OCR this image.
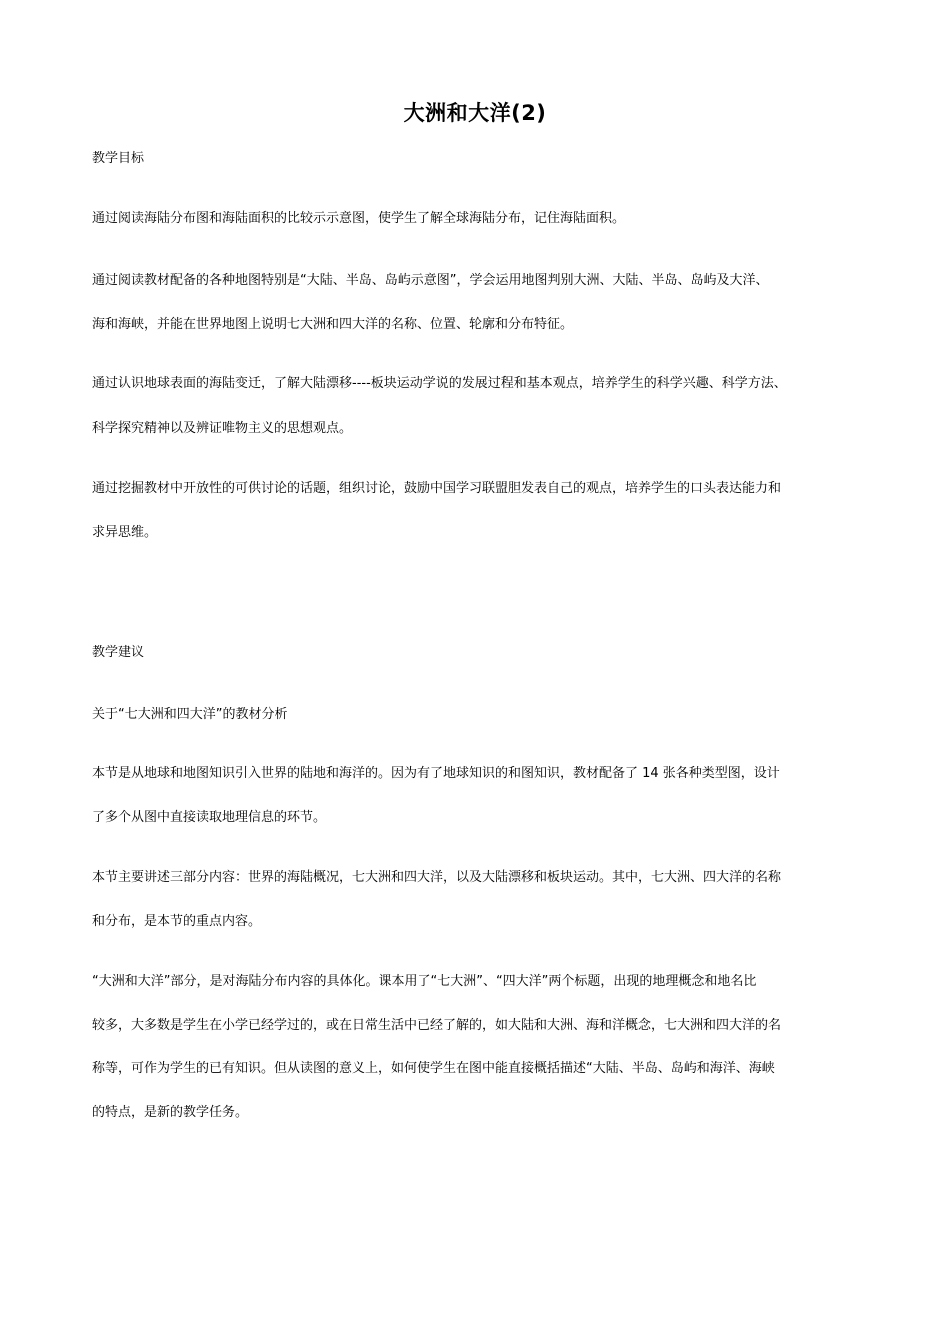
大洲和大洋(2)
教学目标
通过阅读海陆分布图和海陆面积的比较示示意图，使学生了解全球海陆分布，记住海陆面积。
通过阅读教材配备的各种地图特别是“大陆、半岛、岛屿示意图”，学会运用地图判别大洲、大陆、半岛、岛屿及大洋、
海和海峡，并能在世界地图上说明七大洲和四大洋的名称、位置、轮廓和分布特征。
通过认识地球表面的海陆变迁，了解大陆漂移----板块运动学说的发展过程和基本观点，培养学生的科学兴趣、科学方法、
科学探究精神以及辨证唯物主义的思想观点。
通过挖掘教材中开放性的可供讨论的话题，组织讨论，鼓励中国学习联盟胆发表自己的观点，培养学生的口头表达能力和
求异思维。
教学建议
关于“七大洲和四大洋”的教材分析
本节是从地球和地图知识引入世界的陆地和海洋的。因为有了地球知识的和图知识，教材配备了 14 张各种类型图，设计
了多个从图中直接读取地理信息的环节。
本节主要讲述三部分内容：世界的海陆概况，七大洲和四大洋，以及大陆漂移和板块运动。其中，七大洲、四大洋的名称
和分布，是本节的重点内容。
“大洲和大洋”部分，是对海陆分布内容的具体化。课本用了“七大洲”、“四大洋”两个标题，出现的地理概念和地名比
较多，大多数是学生在小学已经学过的，或在日常生活中已经了解的，如大陆和大洲、海和洋概念，七大洲和四大洋的名
称等，可作为学生的已有知识。但从读图的意义上，如何使学生在图中能直接概括描述“大陆、半岛、岛屿和海洋、海峡
的特点，是新的教学任务。
